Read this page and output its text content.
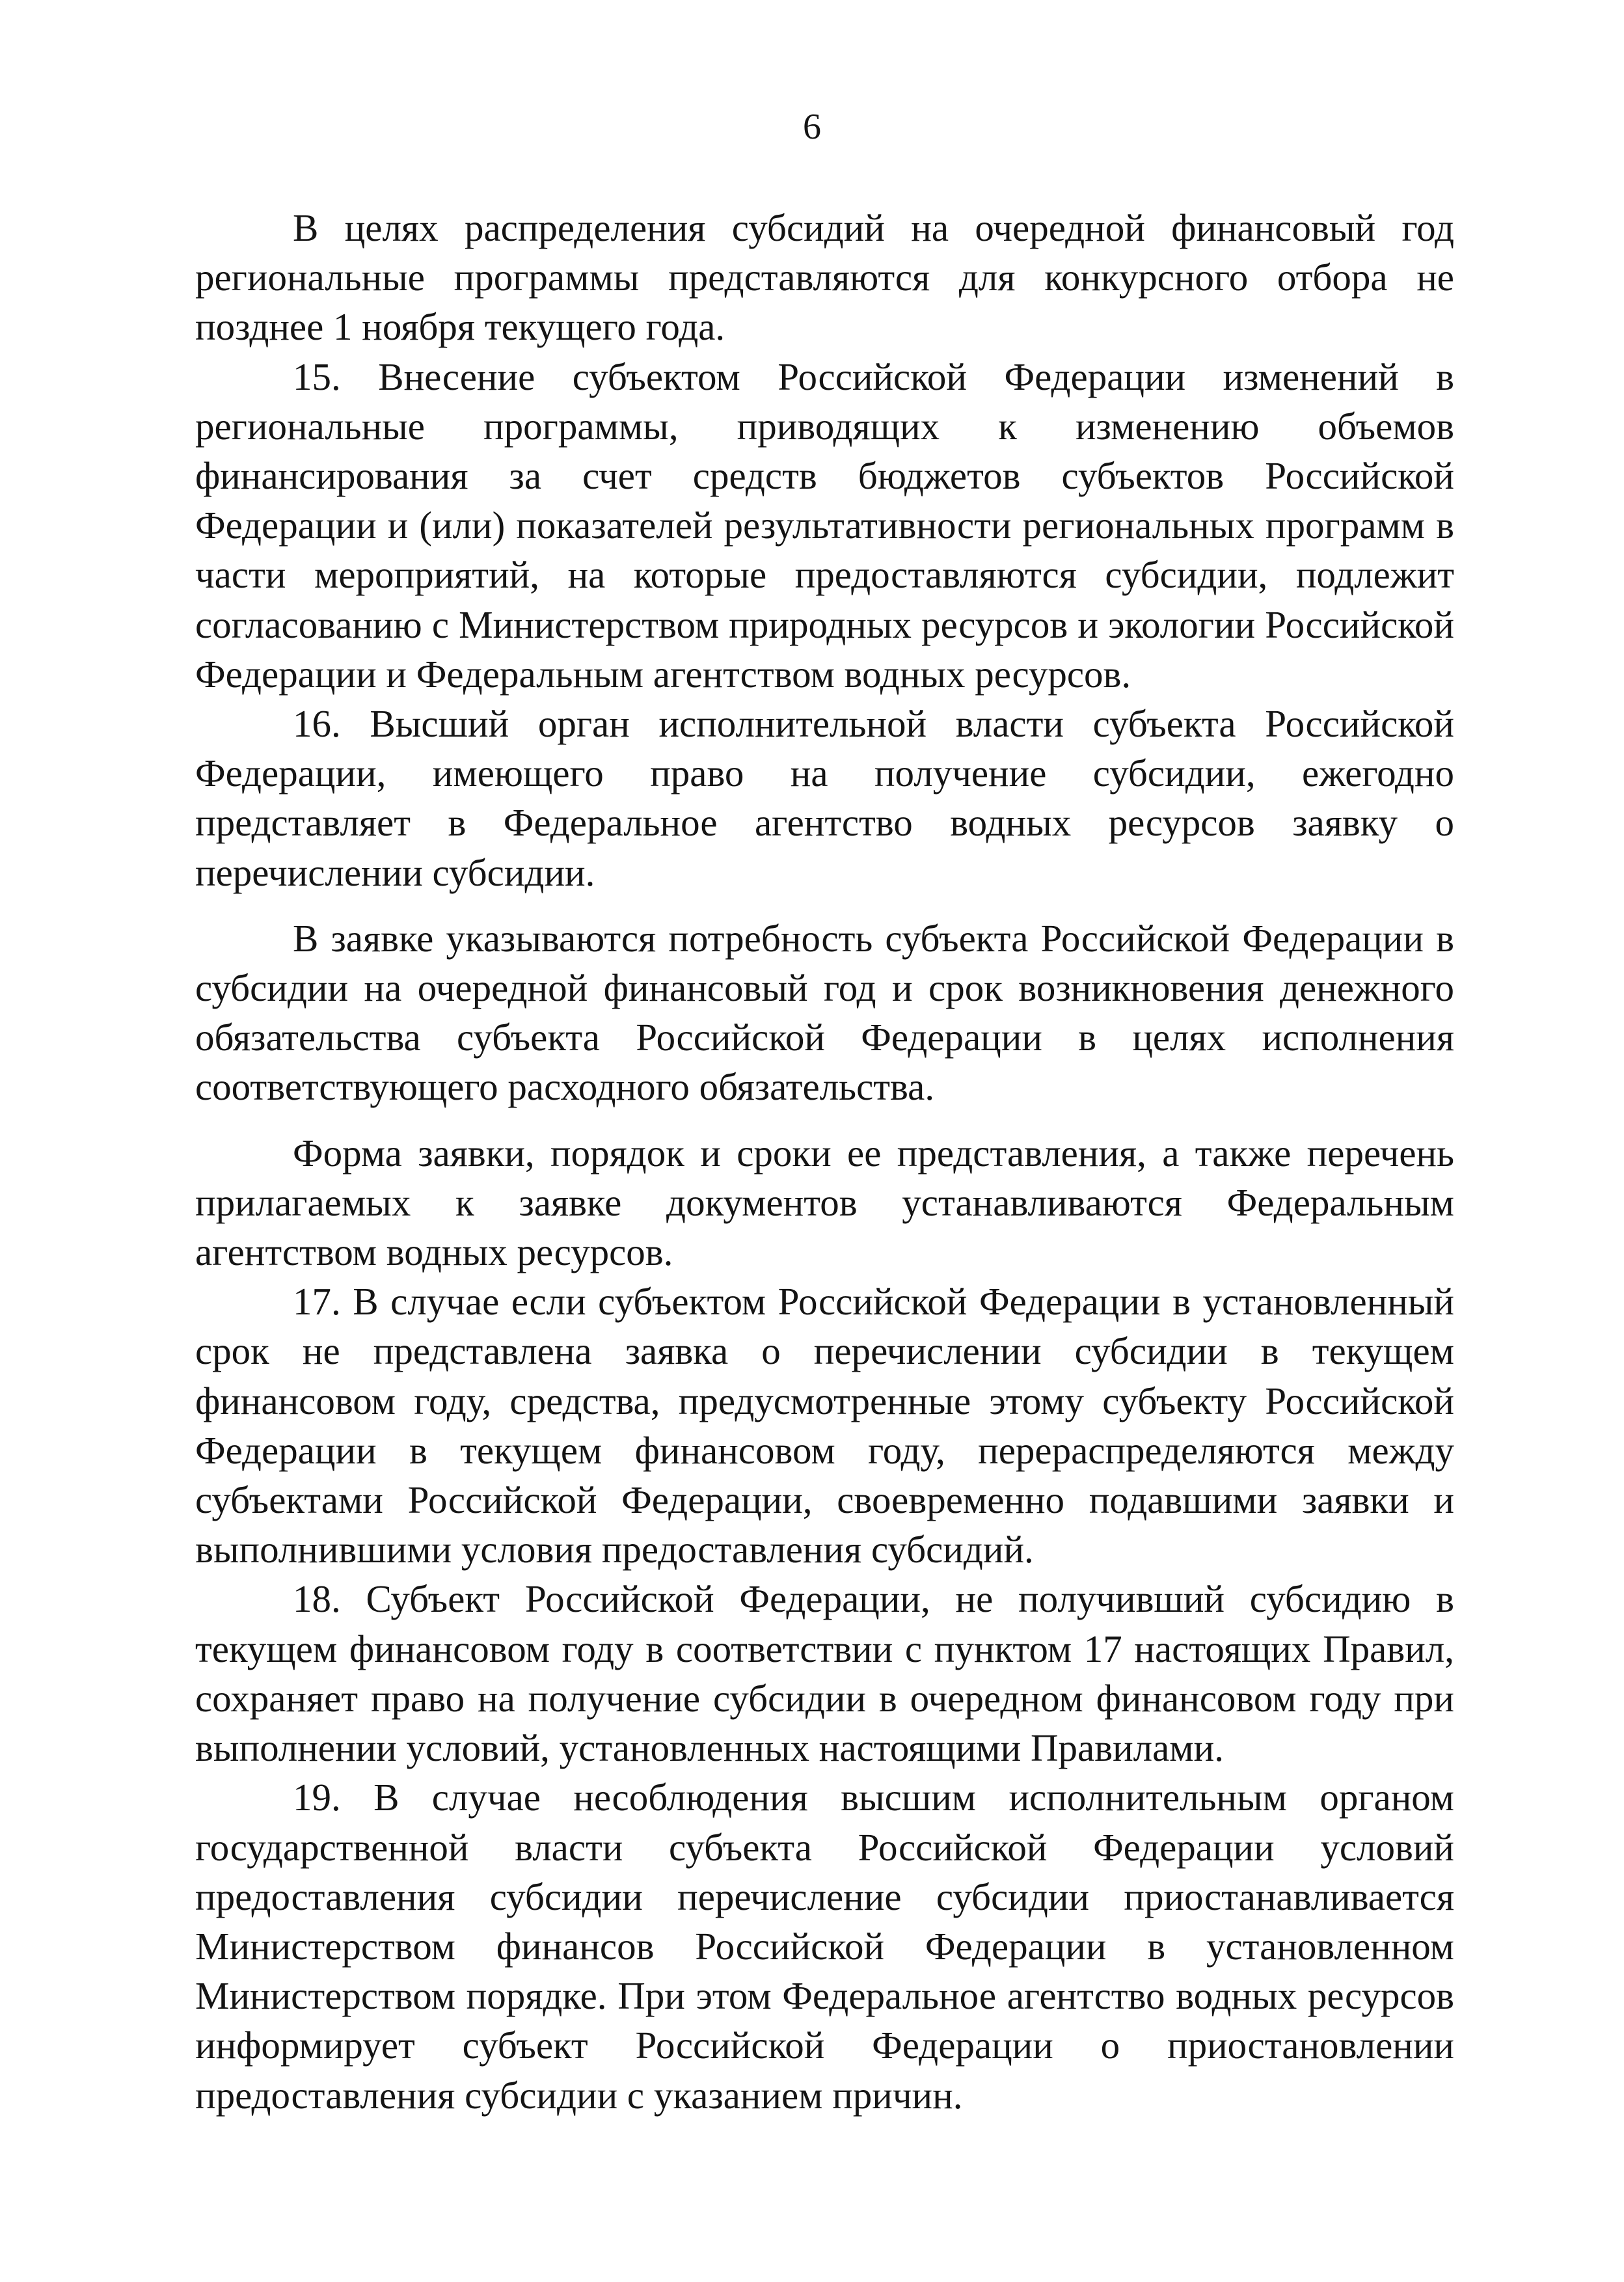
6

В целях распределения субсидий на очередной финансовый год региональные программы представляются для конкурсного отбора не позднее 1 ноября текущего года.

15. Внесение субъектом Российской Федерации изменений в региональные программы, приводящих к изменению объемов финансирования за счет средств бюджетов субъектов Российской Федерации и (или) показателей результативности региональных программ в части мероприятий, на которые предоставляются субсидии, подлежит согласованию с Министерством природных ресурсов и экологии Российской Федерации и Федеральным агентством водных ресурсов.

16. Высший орган исполнительной власти субъекта Российской Федерации, имеющего право на получение субсидии, ежегодно представляет в Федеральное агентство водных ресурсов заявку о перечислении субсидии.

В заявке указываются потребность субъекта Российской Федерации в субсидии на очередной финансовый год и срок возникновения денежного обязательства субъекта Российской Федерации в целях исполнения соответствующего расходного обязательства.

Форма заявки, порядок и сроки ее представления, а также перечень прилагаемых к заявке документов устанавливаются Федеральным агентством водных ресурсов.

17. В случае если субъектом Российской Федерации в установленный срок не представлена заявка о перечислении субсидии в текущем финансовом году, средства, предусмотренные этому субъекту Российской Федерации в текущем финансовом году, перераспределяются между субъектами Российской Федерации, своевременно подавшими заявки и выполнившими условия предоставления субсидий.

18. Субъект Российской Федерации, не получивший субсидию в текущем финансовом году в соответствии с пунктом 17 настоящих Правил, сохраняет право на получение субсидии в очередном финансовом году при выполнении условий, установленных настоящими Правилами.

19. В случае несоблюдения высшим исполнительным органом государственной власти субъекта Российской Федерации условий предоставления субсидии перечисление субсидии приостанавливается Министерством финансов Российской Федерации в установленном Министерством порядке. При этом Федеральное агентство водных ресурсов информирует субъект Российской Федерации о приостановлении предоставления субсидии с указанием причин.
